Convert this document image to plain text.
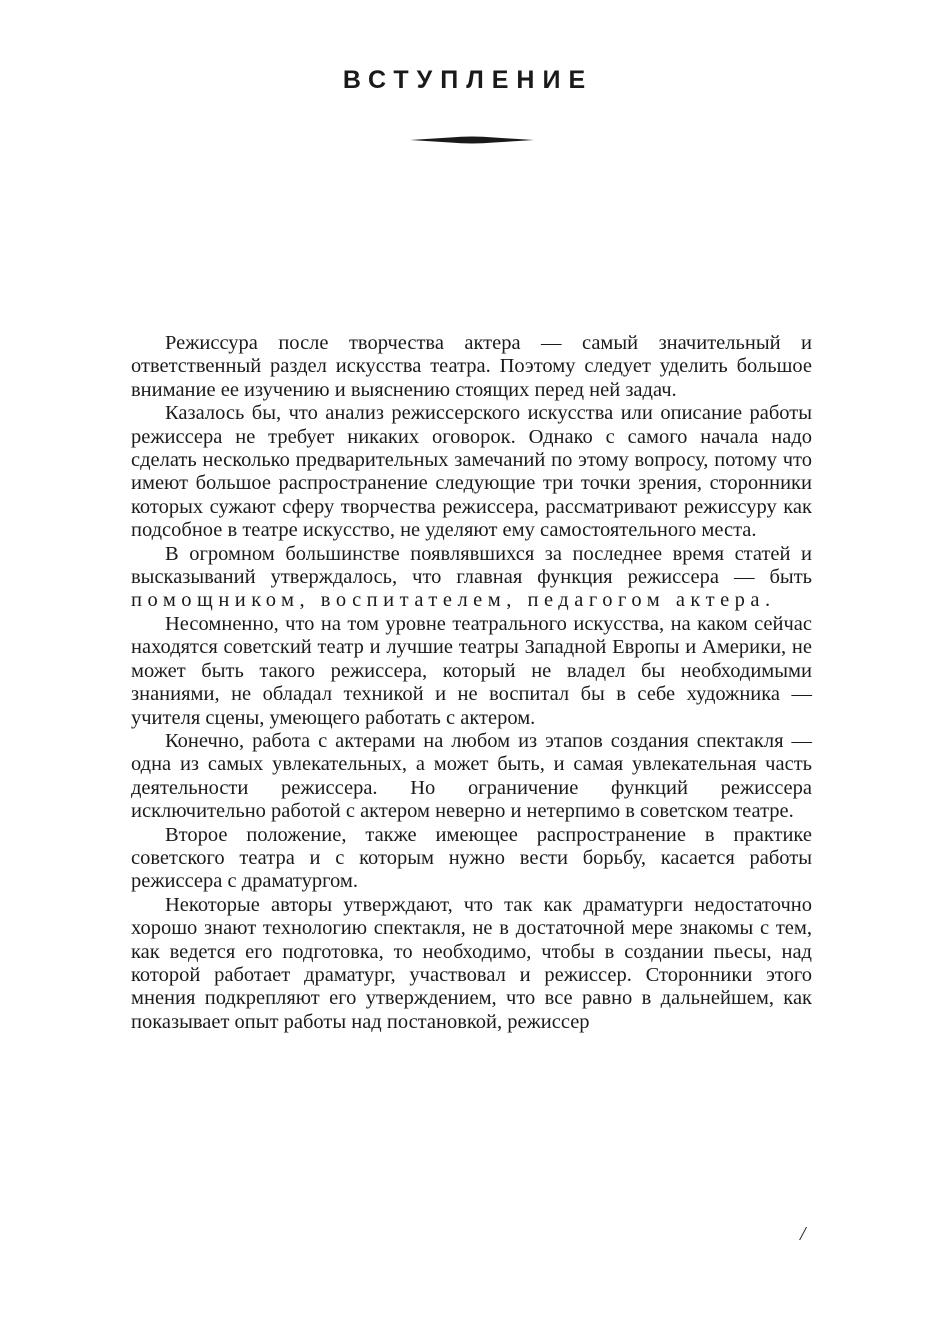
ВСТУПЛЕНИЕ

Режиссура после творчества актера — самый значительный и ответственный раздел искусства театра. Поэтому следует уделить большое внимание ее изучению и выяснению стоящих перед ней задач.

Казалось бы, что анализ режиссерского искусства или описание работы режиссера не требует никаких оговорок. Однако с самого начала надо сделать несколько предварительных замечаний по этому вопросу, потому что имеют большое распространение следующие три точки зрения, сторонники которых сужают сферу творчества режиссера, рассматривают режиссуру как подсобное в театре искусство, не уделяют ему самостоятельного места.

В огромном большинстве появлявшихся за последнее время статей и высказываний утверждалось, что главная функция режиссера — быть помощником, воспитателем, педагогом актера.

Несомненно, что на том уровне театрального искусства, на каком сейчас находятся советский театр и лучшие театры Западной Европы и Америки, не может быть такого режиссера, который не владел бы необходимыми знаниями, не обладал техникой и не воспитал бы в себе художника — учителя сцены, умеющего работать с актером.

Конечно, работа с актерами на любом из этапов создания спектакля — одна из самых увлекательных, а может быть, и самая увлекательная часть деятельности режиссера. Но ограничение функций режиссера исключительно работой с актером неверно и нетерпимо в советском театре.

Второе положение, также имеющее распространение в практике советского театра и с которым нужно вести борьбу, касается работы режиссера с драматургом.

Некоторые авторы утверждают, что так как драматурги недостаточно хорошо знают технологию спектакля, не в достаточной мере знакомы с тем, как ведется его подготовка, то необходимо, чтобы в создании пьесы, над которой работает драматург, участвовал и режиссер. Сторонники этого мнения подкрепляют его утверждением, что все равно в дальнейшем, как показывает опыт работы над постановкой, режиссер

/
